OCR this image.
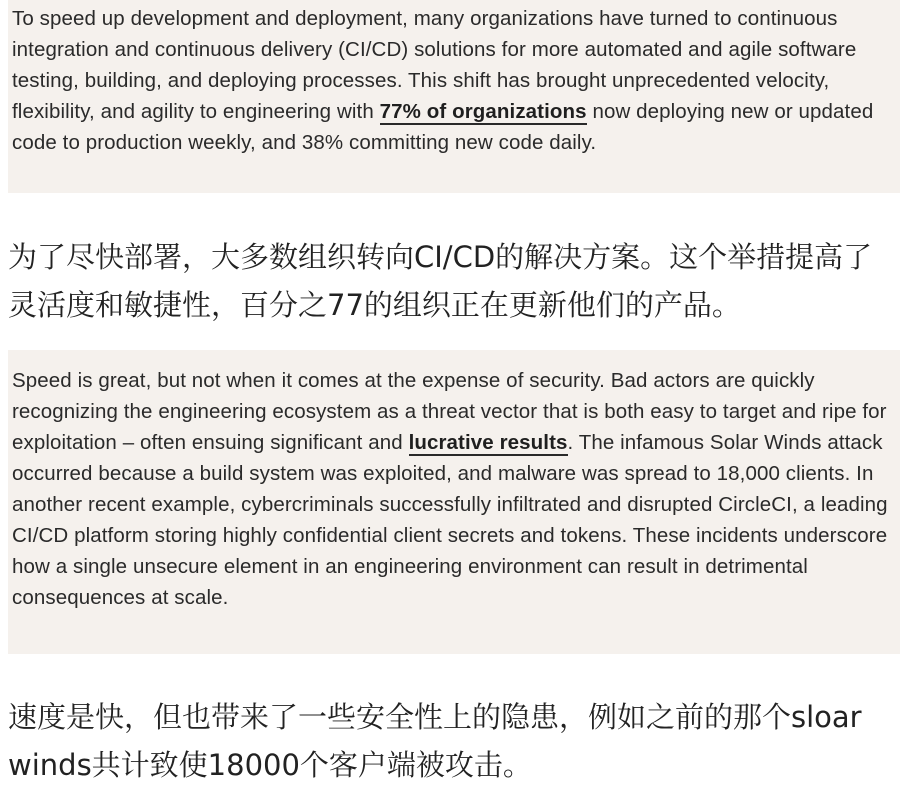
To speed up development and deployment, many organizations have turned to continuous integration and continuous delivery (CI/CD) solutions for more automated and agile software testing, building, and deploying processes. This shift has brought unprecedented velocity, flexibility, and agility to engineering with 77% of organizations now deploying new or updated code to production weekly, and 38% committing new code daily.

为了尽快部署，大多数组织转向CI/CD的解决方案。这个举措提高了灵活度和敏捷性，百分之77的组织正在更新他们的产品。

Speed is great, but not when it comes at the expense of security. Bad actors are quickly recognizing the engineering ecosystem as a threat vector that is both easy to target and ripe for exploitation – often ensuing significant and lucrative results. The infamous Solar Winds attack occurred because a build system was exploited, and malware was spread to 18,000 clients. In another recent example, cybercriminals successfully infiltrated and disrupted CircleCI, a leading CI/CD platform storing highly confidential client secrets and tokens. These incidents underscore how a single unsecure element in an engineering environment can result in detrimental consequences at scale.

速度是快，但也带来了一些安全性上的隐患，例如之前的那个sloar winds共计致使18000个客户端被攻击。
